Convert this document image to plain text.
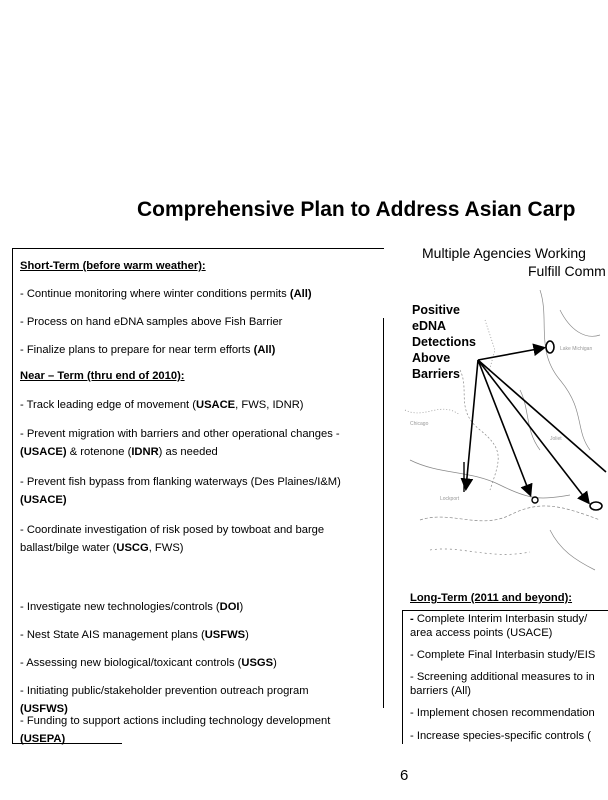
Comprehensive Plan to Address Asian Carp
Short-Term (before warm weather):
- Continue monitoring where winter conditions permits (All)
- Process on hand eDNA samples above Fish Barrier
- Finalize plans to prepare for near term efforts (All)
Near – Term (thru end of 2010):
- Track leading edge of movement (USACE, FWS, IDNR)
- Prevent migration with barriers and other operational changes -
(USACE) & rotenone (IDNR) as needed
- Prevent fish bypass from flanking waterways (Des Plaines/I&M)
(USACE)
- Coordinate investigation of risk posed by towboat and barge
ballast/bilge water (USCG, FWS)
- Investigate new technologies/controls (DOI)
- Nest State AIS management plans (USFWS)
- Assessing new biological/toxicant controls (USGS)
- Initiating public/stakeholder prevention outreach program
(USFWS)
- Funding to support actions including technology development
(USEPA)
Multiple Agencies Working
Fulfill Comm
Chicago
Joliet
Lockport
Lake Michigan
Positive
eDNA
Detections
Above
Barriers
Long-Term (2011 and beyond):
- Complete Interim Interbasin study/
area access points (USACE)
- Complete Final Interbasin study/EIS
- Screening additional measures to in
barriers (All)
- Implement chosen recommendation
- Increase species-specific controls (
6
